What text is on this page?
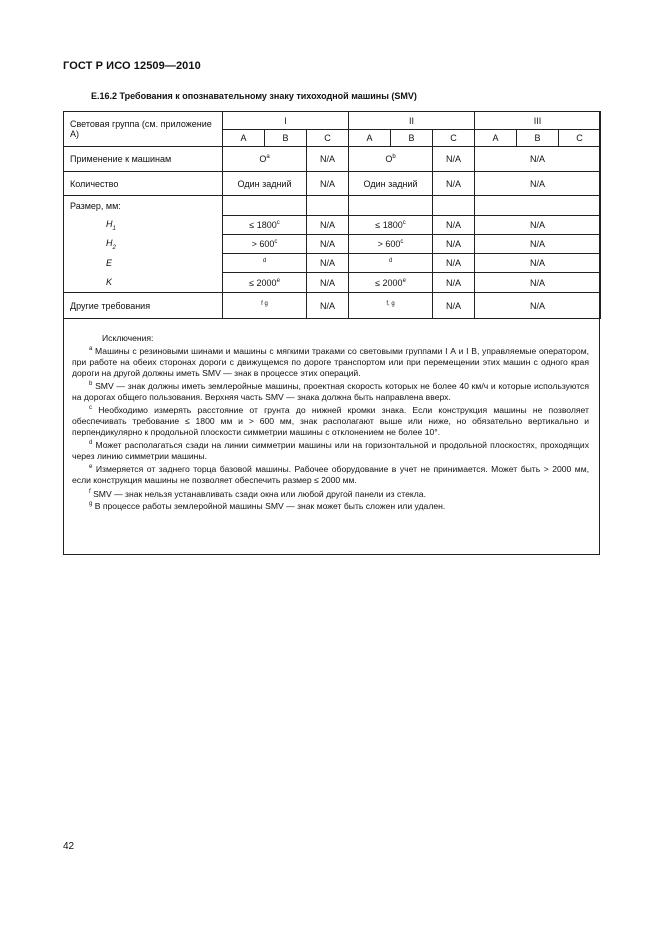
ГОСТ Р ИСО 12509—2010
Е.16.2 Требования к опознавательному знаку тихоходной машины (SMV)
Световая группа (см. приложение А)	I			II			III		
	A	B	C	A	B	C	A	B	C
Применение к машинам	$O^a$		N/A	$O^b$		N/A	N/A		
Количество	Один задний		N/A	Один задний		N/A	N/A		
Размер, мм:									
$H_1$	≤ $1800^c$		N/A	≤ $1800^c$		N/A	N/A		
$H_2$	> $600^c$		N/A	> $600^c$		N/A	N/A		
E	$^d$		N/A	$^d$		N/A	N/A		
K	≤ $2000^e$		N/A	≤ $2000^e$		N/A	N/A		
Другие требования	$^{f g}$		N/A	$^{f, g}$		N/A	N/A		

Исключения:

$^a$ Машины с резиновыми шинами и машины с мягкими траками со световыми группами I А и I В, управляемые оператором, при работе на обеих сторонах дороги с движущемся по дороге транспортом или при перемещении этих машин с одного края дороги на другой должны иметь SMV — знак в процессе этих операций.

$^b$ SMV — знак должны иметь землеройные машины, проектная скорость которых не более 40 км/ч и которые используются на дорогах общего пользования. Верхняя часть SMV — знака должна быть направлена вверх.

$^c$ Необходимо измерять расстояние от грунта до нижней кромки знака. Если конструкция машины не позволяет обеспечивать требование ≤ 1800 мм и > 600 мм, знак располагают выше или ниже, но обязательно вертикально и перпендикулярно к продольной плоскости симметрии машины с отклонением не более 10°.

$^d$ Может располагаться сзади на линии симметрии машины или на горизонтальной и продольной плоскостях, проходящих через линию симметрии машины.

$^e$ Измеряется от заднего торца базовой машины. Рабочее оборудование в учет не принимается. Может быть > 2000 мм, если конструкция машины не позволяет обеспечить размер ≤ 2000 мм.

$^f$ SMV — знак нельзя устанавливать сзади окна или любой другой панели из стекла.

$^g$ В процессе работы землеройной машины SMV — знак может быть сложен или удален.

42
